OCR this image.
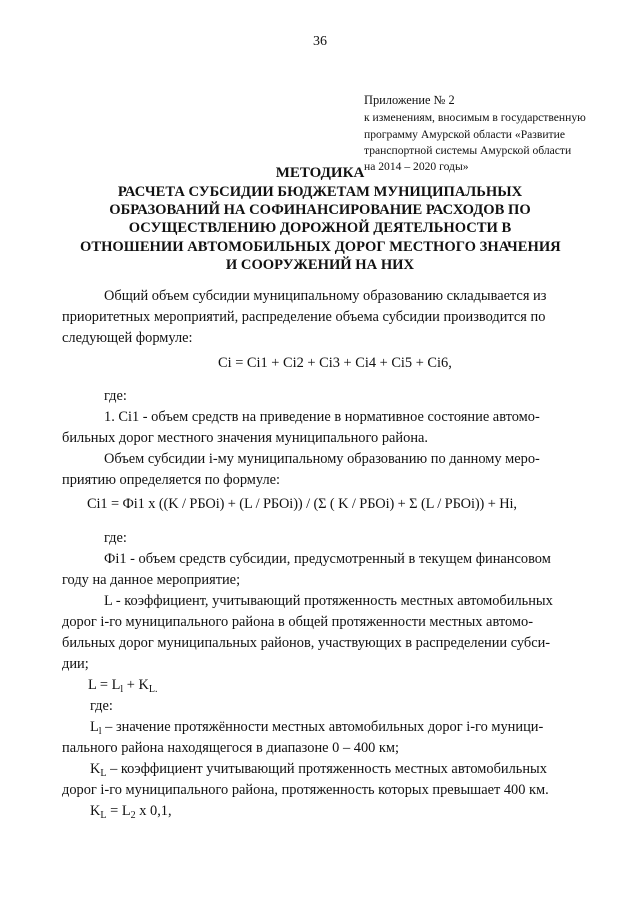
36
Приложение № 2
к изменениям, вносимым в государственную
программу Амурской области «Развитие
транспортной системы Амурской области
на 2014 – 2020 годы»
МЕТОДИКА
РАСЧЕТА СУБСИДИИ БЮДЖЕТАМ МУНИЦИПАЛЬНЫХ
ОБРАЗОВАНИЙ НА СОФИНАНСИРОВАНИЕ РАСХОДОВ ПО
ОСУЩЕСТВЛЕНИЮ ДОРОЖНОЙ ДЕЯТЕЛЬНОСТИ В
ОТНОШЕНИИ АВТОМОБИЛЬНЫХ ДОРОГ МЕСТНОГО ЗНАЧЕНИЯ
И СООРУЖЕНИЙ НА НИХ
Общий объем субсидии муниципальному образованию складывается из
приоритетных мероприятий, распределение объема субсидии производится по
следующей формуле:
Ci = Ci1 + Ci2 + Ci3 + Ci4 + Ci5 + Ci6,
где:
1. Ci1 - объем средств на приведение в нормативное состояние автомо-
бильных дорог местного значения муниципального района.
Объем субсидии i-му муниципальному образованию по данному меро-
приятию определяется по формуле:
Ci1 = Фi1 x ((K / РБОi) + (L / РБОi)) / (Σ ( K / РБОi) + Σ (L / РБОi)) + Hi,
где:
Фi1 - объем средств субсидии, предусмотренный в текущем финансовом
году на данное мероприятие;
L - коэффициент, учитывающий протяженность местных автомобильных
дорог i-го муниципального района в общей протяженности местных автомо-
бильных дорог муниципальных районов, участвующих в распределении субси-
дии;
$L = L_l + K_{L.}$
где:
$L_l$ – значение протяжённости местных автомобильных дорог i-го муници-
пального района находящегося в диапазоне 0 – 400 км;
$K_L$ – коэффициент учитывающий протяженность местных автомобильных
дорог i-го муниципального района, протяженность которых превышает 400 км.
$K_L = L_2$ x 0,1,
